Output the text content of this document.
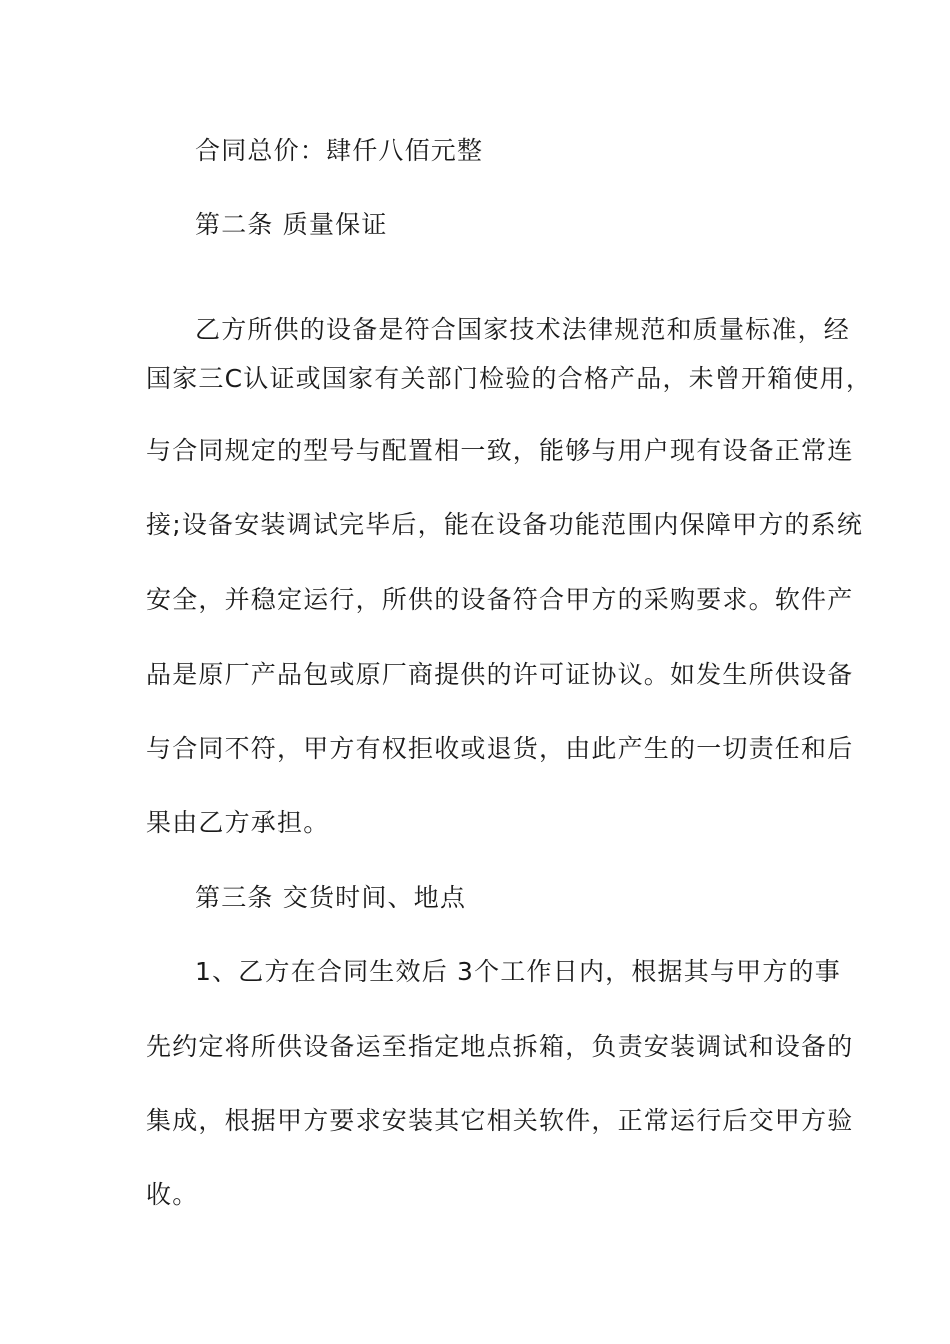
合同总价：肆仟八佰元整
第二条 质量保证
乙方所供的设备是符合国家技术法律规范和质量标准，经
国家三C认证或国家有关部门检验的合格产品，未曾开箱使用，
与合同规定的型号与配置相一致，能够与用户现有设备正常连
接;设备安装调试完毕后，能在设备功能范围内保障甲方的系统
安全，并稳定运行，所供的设备符合甲方的采购要求。软件产
品是原厂产品包或原厂商提供的许可证协议。如发生所供设备
与合同不符，甲方有权拒收或退货，由此产生的一切责任和后
果由乙方承担。
第三条 交货时间、地点
1、乙方在合同生效后 3个工作日内，根据其与甲方的事
先约定将所供设备运至指定地点拆箱，负责安装调试和设备的
集成，根据甲方要求安装其它相关软件，正常运行后交甲方验
收。
